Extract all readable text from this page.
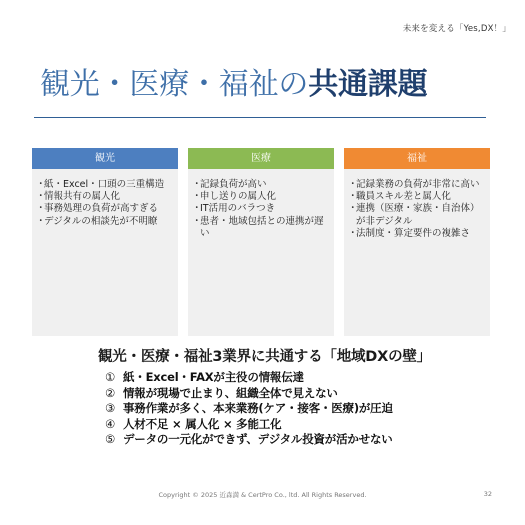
未来を変える「Yes,DX！」
観光・医療・福祉の共通課題
観光
・ 紙・Excel・口頭の三重構造
・ 情報共有の属人化
・ 事務処理の負荷が高すぎる
・ デジタルの相談先が不明瞭
医療
・ 記録負荷が高い
・ 申し送りの属人化
・ IT活用のバラつき
・ 患者・地域包括との連携が遅い
福祉
・ 記録業務の負荷が非常に高い
・ 職員スキル差と属人化
・ 連携（医療・家族・自治体）が非デジタル
・ 法制度・算定要件の複雑さ
観光・医療・福祉3業界に共通する「地域DXの壁」
① 紙・Excel・FAXが主役の情報伝達
② 情報が現場で止まり、組織全体で見えない
③ 事務作業が多く、本来業務(ケア・接客・医療)が圧迫
④ 人材不足 × 属人化 × 多能工化
⑤ データの一元化ができず、デジタル投資が活かせない
Copyright © 2025 近森満 & CertPro Co., ltd. All Rights Reserved.	32
